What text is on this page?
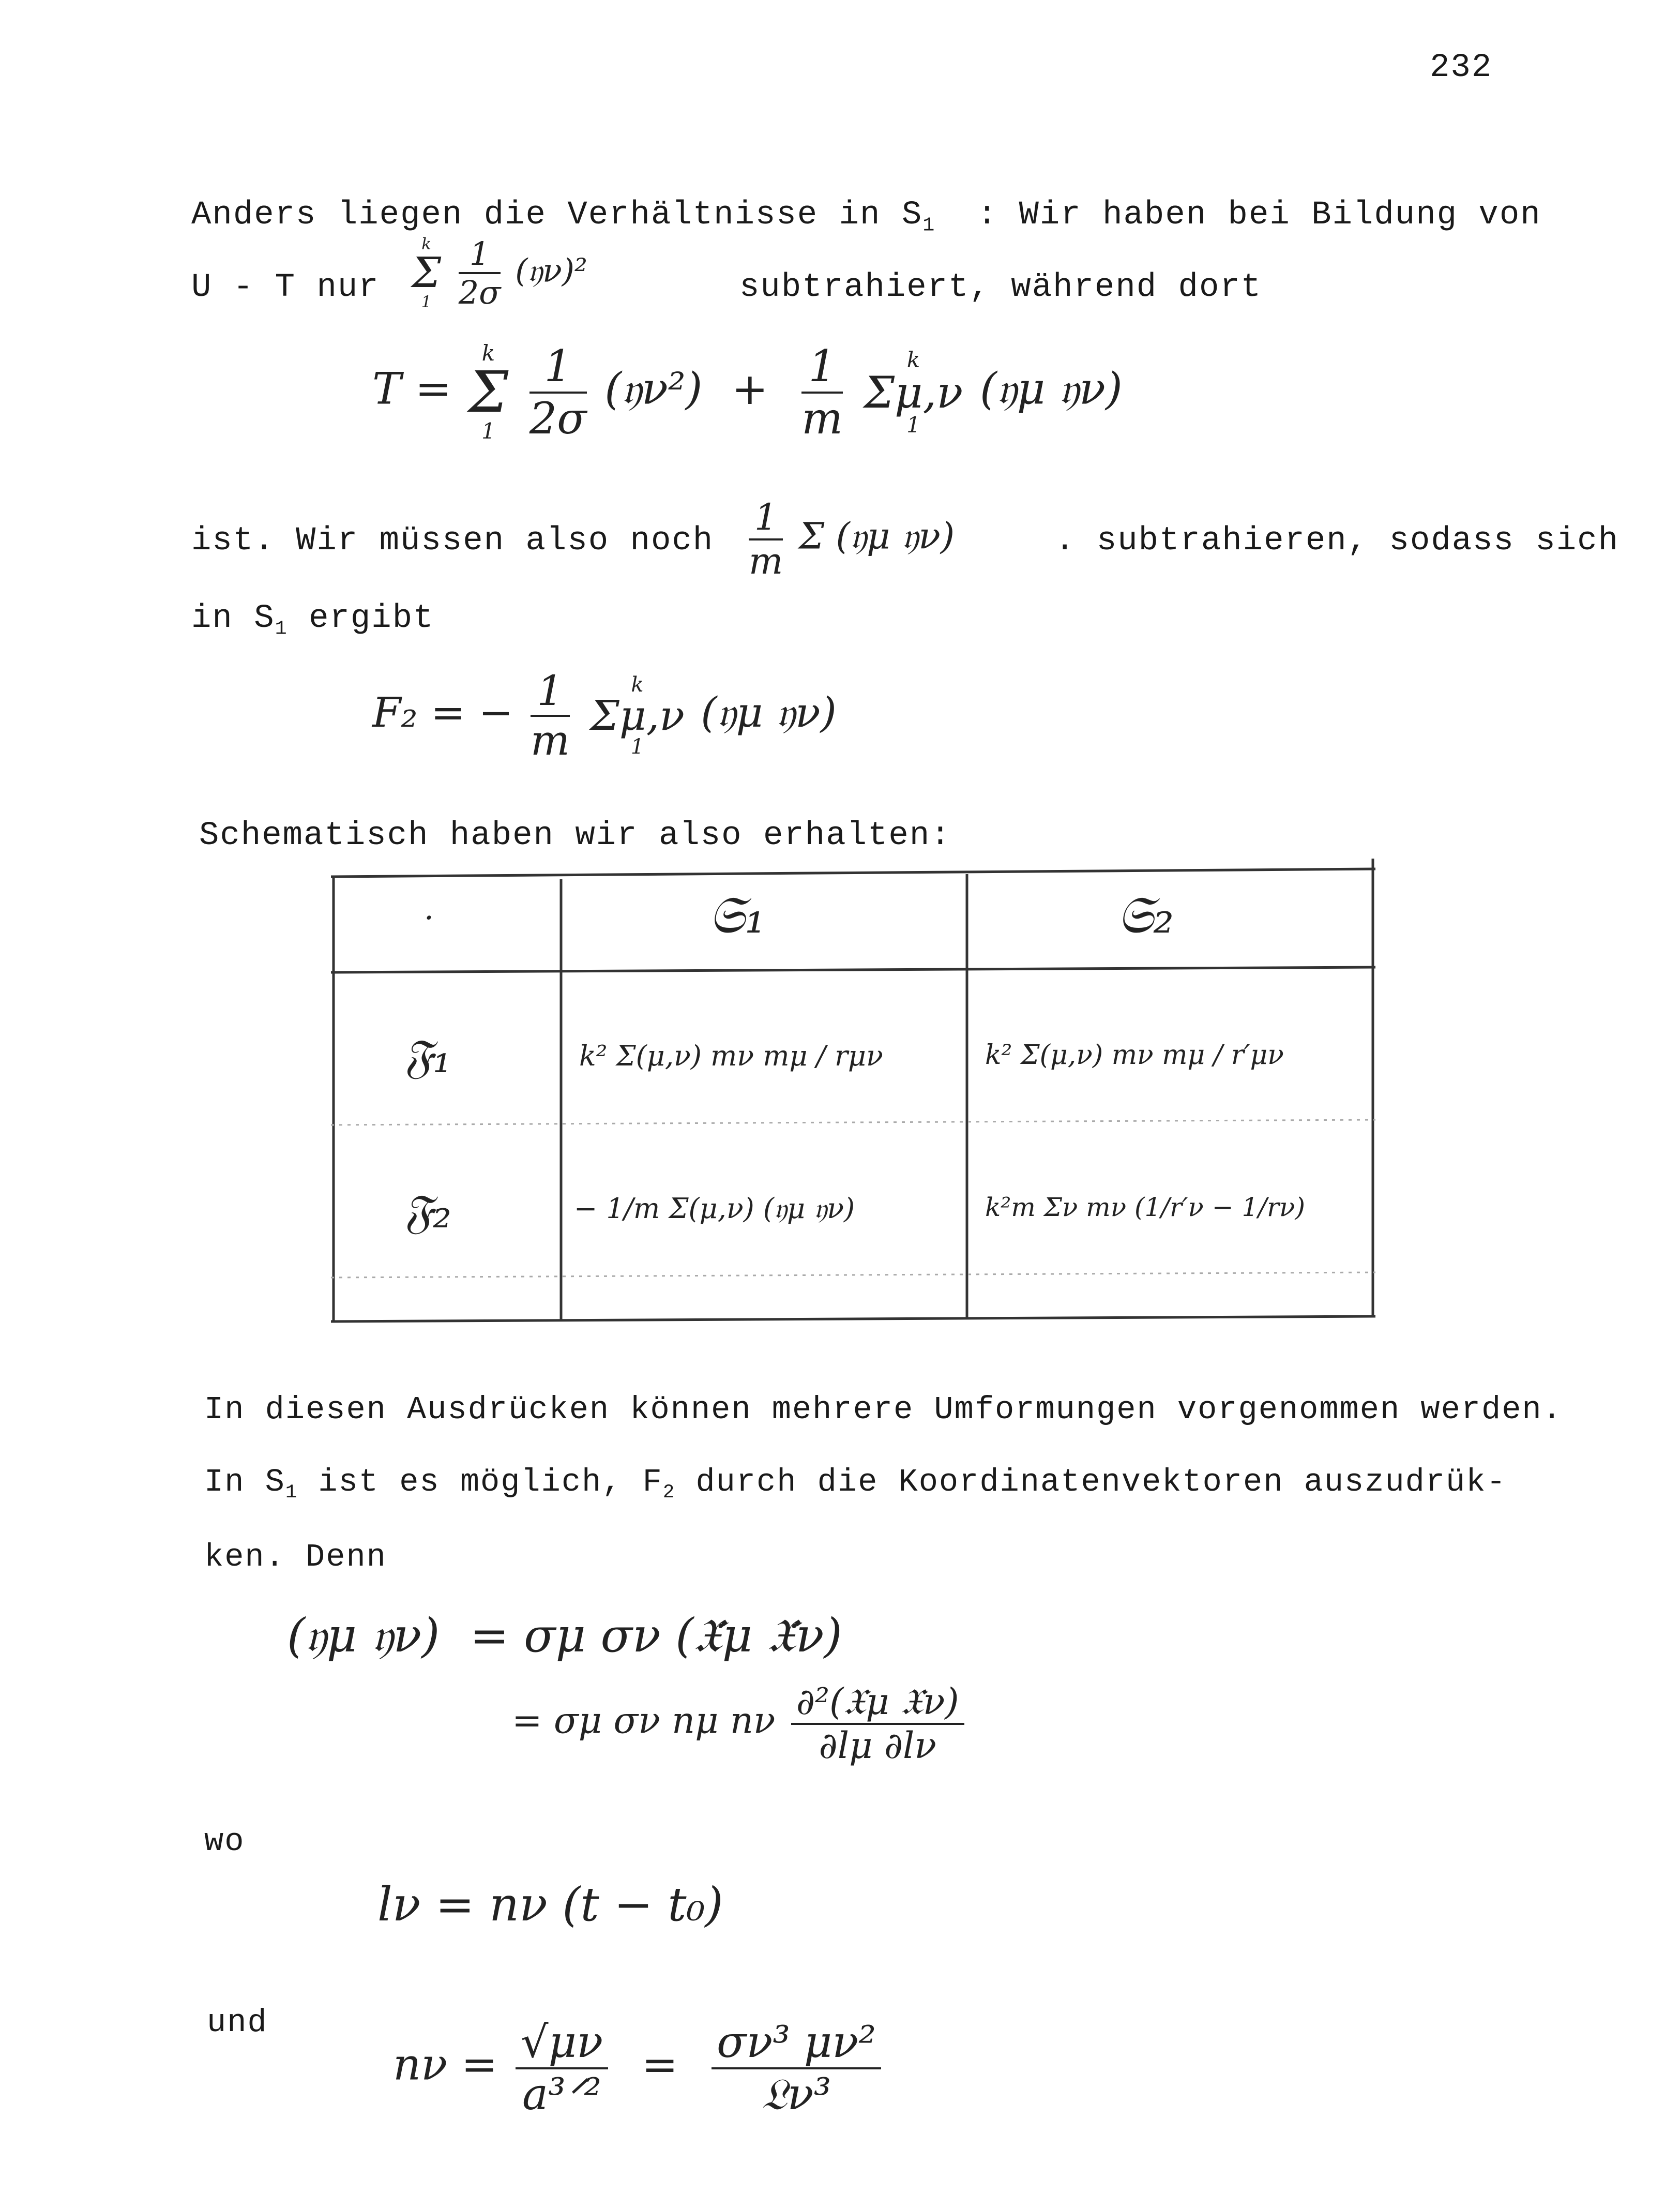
232
Anders liegen die Verhältnisse in $S_1$ : Wir haben bei Bildung von
U - T nur
k
Σ
1
$\frac{1}{2\sigma}$ (𝔶ν)²	subtrahiert, während dort
T =
k
Σ
1
$\frac{1}{2\sigma}$ (𝔶ν²) + $\frac{1}{m}$
	k
Σμ,ν
1
(𝔶μ 𝔶ν)
ist. Wir müssen also noch $\frac{1}{m}$ Σ (𝔶μ 𝔶ν)	. subtrahieren, sodass sich
in $S_1$ ergibt
F₂ = − $\frac{1}{m}$
	k
Σμ,ν
1
(𝔶μ 𝔶ν)
Schematisch haben wir also erhalten:
·	𝔖₁	𝔖₂
𝔉₁	k² Σ(μ,ν) mν mμ / rμν	k² Σ(μ,ν) mν mμ / r′μν
𝔉₂	− 1/m Σ(μ,ν) (𝔶μ 𝔶ν)	k²m Σν mν (1/r′ν − 1/rν)
In diesen Ausdrücken können mehrere Umformungen vorgenommen werden.
In $S_1$ ist es möglich, $F_2$ durch die Koordinatenvektoren auszudrük-
ken. Denn
(𝔶μ 𝔶ν) = σμ σν (𝔛̇μ 𝔛̇ν)
= σμ σν nμ nν $\frac{\text{∂²(𝔛μ 𝔛ν)}}{\partial l\mu \partial l\nu}$
wo
lν = nν (t − t₀)
und
$n\nu = \frac{√\mu\nu}{\text{a³ᐟ²}} = \frac{\text{σν³ μν²}}{\text{𝔏ν³}}$
